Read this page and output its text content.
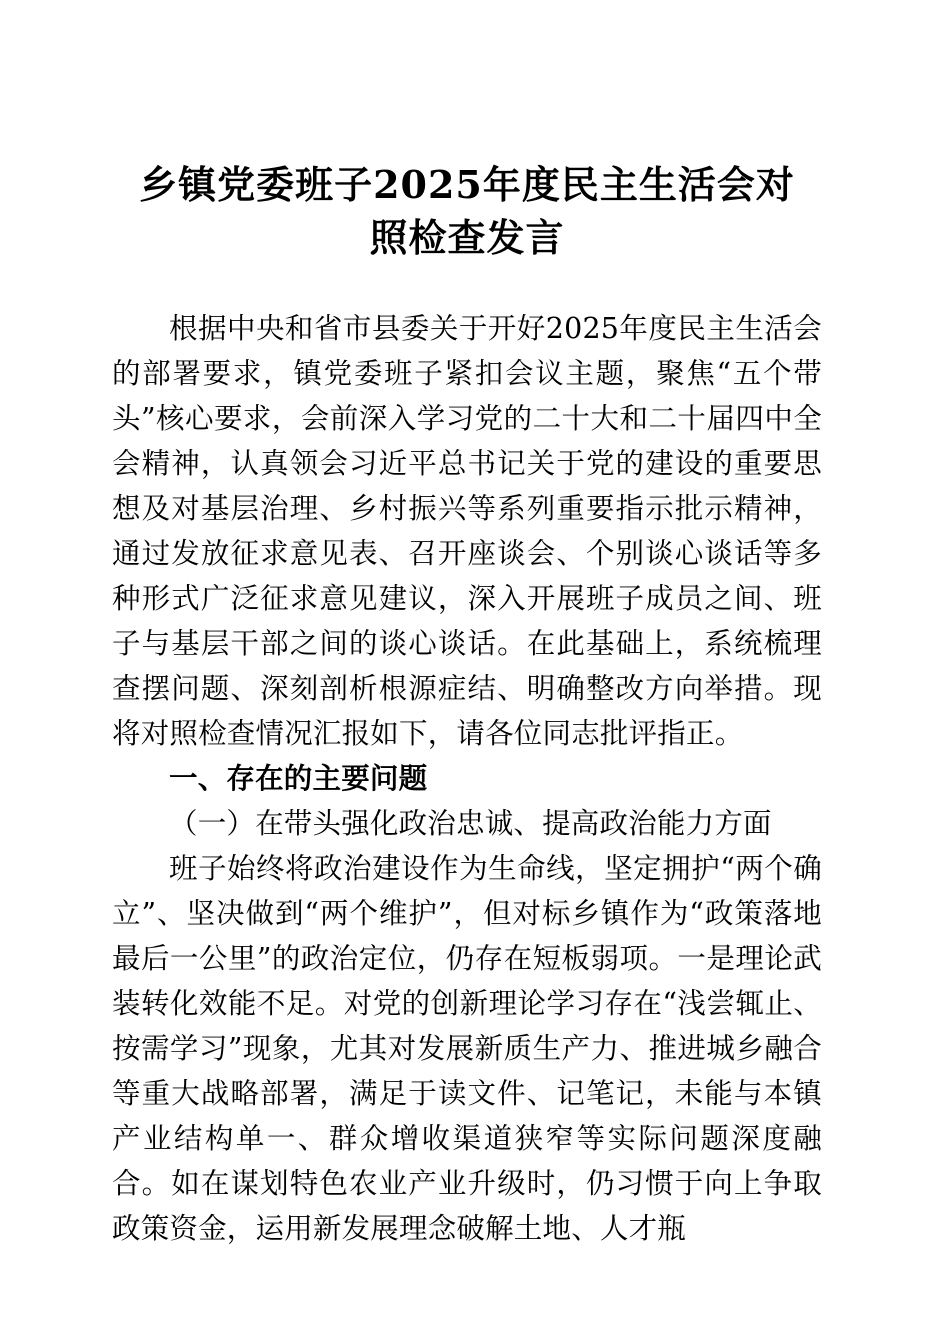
乡镇党委班子2025年度民主生活会对
照检查发言

根据中央和省市县委关于开好2025年度民主生活会的部署要求，镇党委班子紧扣会议主题，聚焦“五个带头”核心要求，会前深入学习党的二十大和二十届四中全会精神，认真领会习近平总书记关于党的建设的重要思想及对基层治理、乡村振兴等系列重要指示批示精神，通过发放征求意见表、召开座谈会、个别谈心谈话等多种形式广泛征求意见建议，深入开展班子成员之间、班子与基层干部之间的谈心谈话。在此基础上，系统梳理查摆问题、深刻剖析根源症结、明确整改方向举措。现将对照检查情况汇报如下，请各位同志批评指正。

一、存在的主要问题
（一）在带头强化政治忠诚、提高政治能力方面

班子始终将政治建设作为生命线，坚定拥护“两个确立”、坚决做到“两个维护”，但对标乡镇作为“政策落地最后一公里”的政治定位，仍存在短板弱项。一是理论武装转化效能不足。对党的创新理论学习存在“浅尝辄止、按需学习”现象，尤其对发展新质生产力、推进城乡融合等重大战略部署，满足于读文件、记笔记，未能与本镇产业结构单一、群众增收渠道狭窄等实际问题深度融合。如在谋划特色农业产业升级时，仍习惯于向上争取政策资金，运用新发展理念破解土地、人才瓶
